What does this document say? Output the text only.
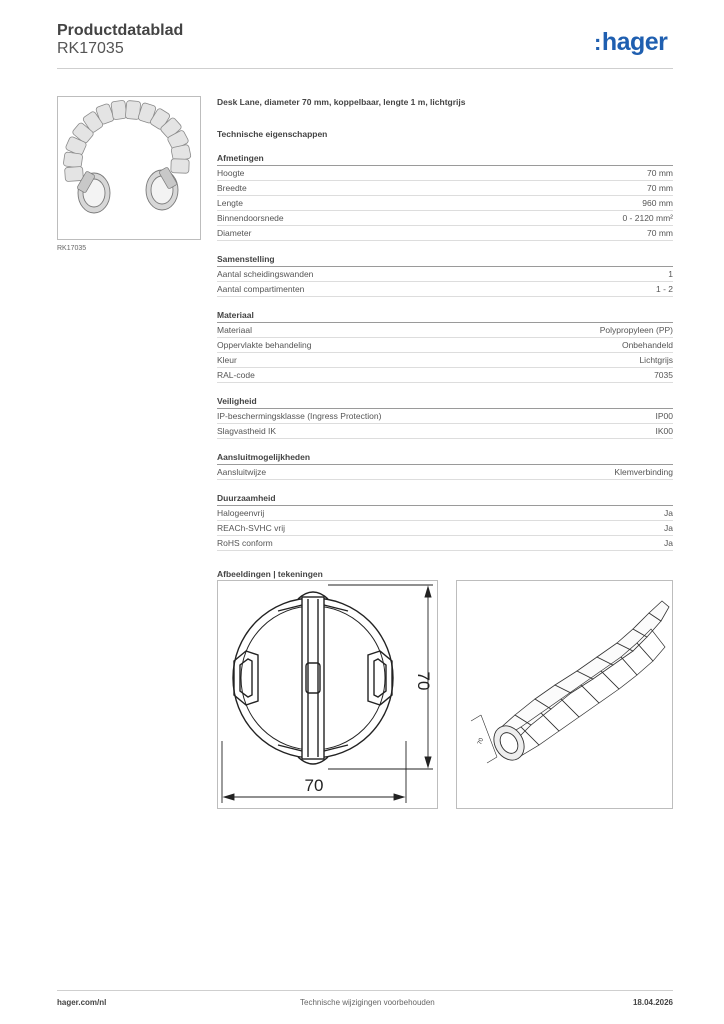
Productdatablad
RK17035	:hager
RK17035
Desk Lane, diameter 70 mm, koppelbaar, lengte 1 m, lichtgrijs
Technische eigenschappen
Afmetingen
Hoogte	70 mm
Breedte	70 mm
Lengte	960 mm
Binnendoorsnede	0 - 2120 mm²
Diameter	70 mm
Samenstelling
Aantal scheidingswanden	1
Aantal compartimenten	1 - 2
Materiaal
Materiaal	Polypropyleen (PP)
Oppervlakte behandeling	Onbehandeld
Kleur	Lichtgrijs
RAL-code	7035
Veiligheid
IP-beschermingsklasse (Ingress Protection)	IP00
Slagvastheid IK	IK00
Aansluitmogelijkheden
Aansluitwijze	Klemverbinding
Duurzaamheid
Halogeenvrij	Ja
REACh-SVHC vrij	Ja
RoHS conform	Ja
Afbeeldingen | tekeningen
70
70
70
hager.com/nl	Technische wijzigingen voorbehouden	18.04.2026
